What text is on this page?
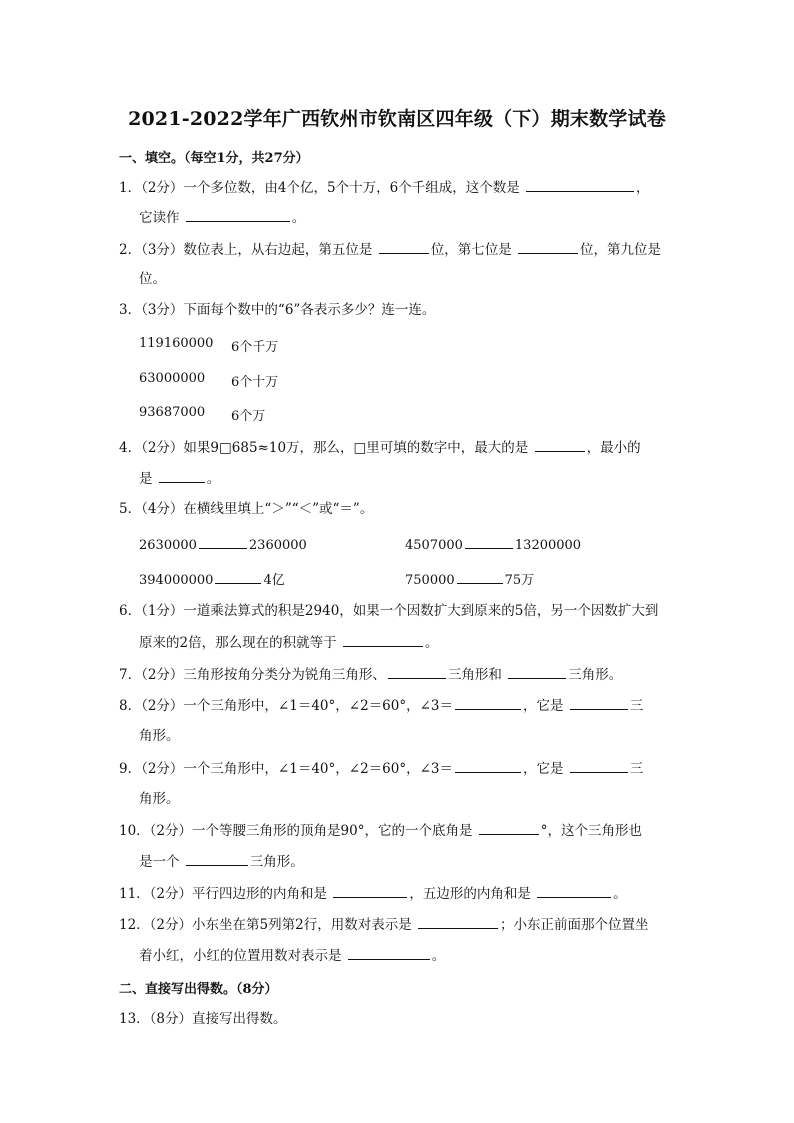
2021-2022学年广西钦州市钦南区四年级（下）期末数学试卷
一、填空。（每空1分，共27分）
1．（2分）一个多位数，由4个亿，5个十万，6个千组成，这个数是	，
它读作	。
2．（3分）数位表上，从右边起，第五位是	位，第七位是	位，第九位是
位。
3．（3分）下面每个数中的“6”各表示多少？连一连。
119160000 6个千万
63000000 6个十万
93687000 6个万
4．（2分）如果9□685≈10万，那么，□里可填的数字中，最大的是	，最小的
是	。
5．（4分）在横线里填上“＞”“＜”或“＝”。
2630000	2360000	4507000	13200000
394000000	4亿	750000	75万
6．（1分）一道乘法算式的积是2940，如果一个因数扩大到原来的5倍，另一个因数扩大到
原来的2倍，那么现在的积就等于	。
7．（2分）三角形按角分类分为锐角三角形、	三角形和	三角形。
8．（2分）一个三角形中，∠1＝40°，∠2＝60°，∠3＝	，它是	三
角形。
9．（2分）一个三角形中，∠1＝40°，∠2＝60°，∠3＝	，它是	三
角形。
10．（2分）一个等腰三角形的顶角是90°，它的一个底角是	°，这个三角形也
是一个	三角形。
11．（2分）平行四边形的内角和是	，五边形的内角和是	。
12．（2分）小东坐在第5列第2行，用数对表示是	；小东正前面那个位置坐
着小红，小红的位置用数对表示是	。
二、直接写出得数。（8分）
13．（8分）直接写出得数。
